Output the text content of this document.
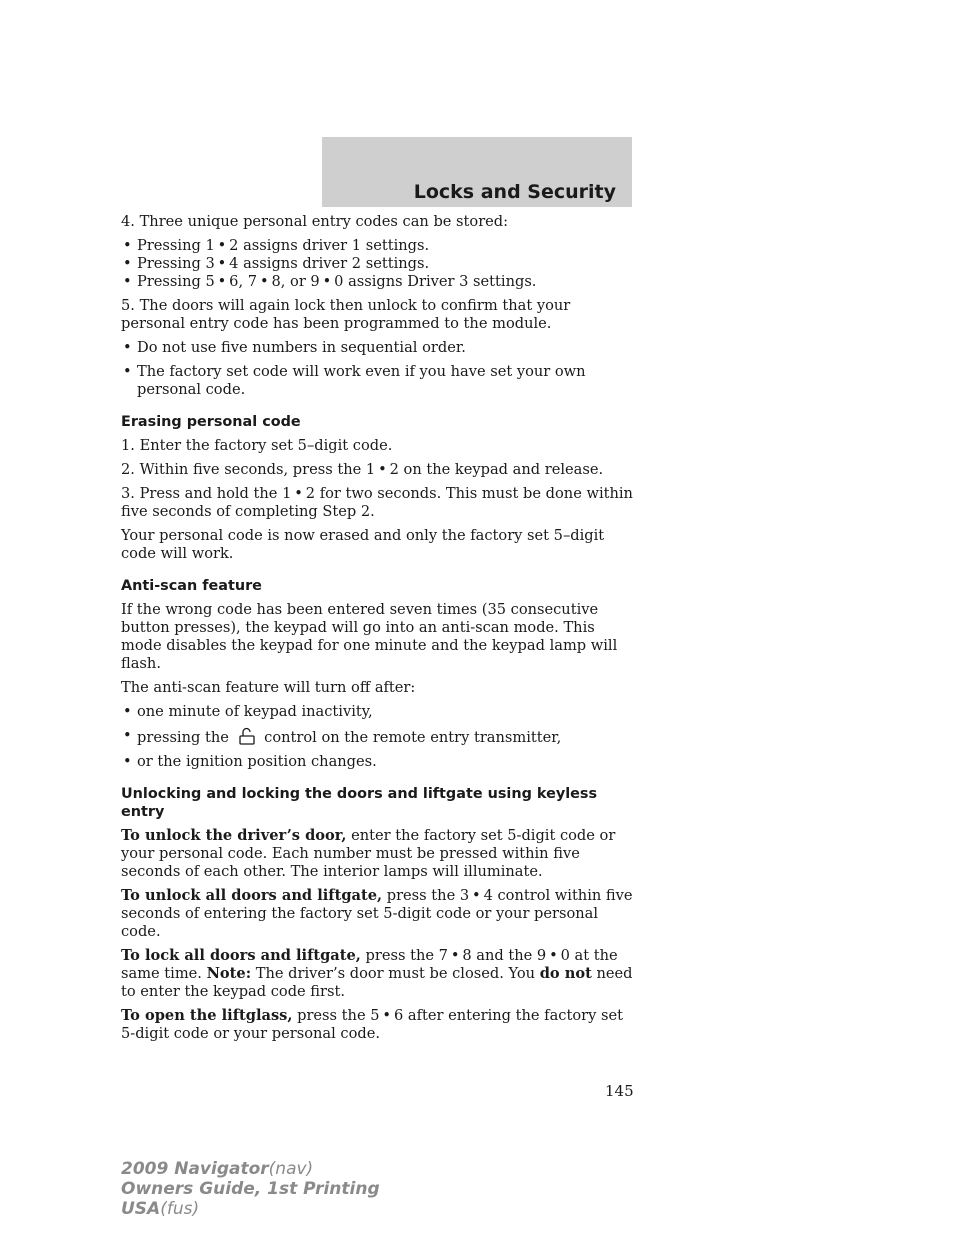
Locks and Security

4. Three unique personal entry codes can be stored:

• Pressing 1 • 2 assigns driver 1 settings.
• Pressing 3 • 4 assigns driver 2 settings.
• Pressing 5 • 6, 7 • 8, or 9 • 0 assigns Driver 3 settings.

5. The doors will again lock then unlock to confirm that your personal entry code has been programmed to the module.

• Do not use five numbers in sequential order.
• The factory set code will work even if you have set your own personal code.
Erasing personal code

1. Enter the factory set 5–digit code.

2. Within five seconds, press the 1 • 2 on the keypad and release.

3. Press and hold the 1 • 2 for two seconds. This must be done within five seconds of completing Step 2.

Your personal code is now erased and only the factory set 5–digit code will work.

Anti-scan feature

If the wrong code has been entered seven times (35 consecutive button presses), the keypad will go into an anti-scan mode. This mode disables the keypad for one minute and the keypad lamp will flash.

The anti-scan feature will turn off after:

• one minute of keypad inactivity,
• pressing the control on the remote entry transmitter,
• or the ignition position changes.
Unlocking and locking the doors and liftgate using keyless entry

To unlock the driver’s door, enter the factory set 5-digit code or your personal code. Each number must be pressed within five seconds of each other. The interior lamps will illuminate.

To unlock all doors and liftgate, press the 3 • 4 control within five seconds of entering the factory set 5-digit code or your personal code.

To lock all doors and liftgate, press the 7 • 8 and the 9 • 0 at the same time. Note: The driver’s door must be closed. You do not need to enter the keypad code first.

To open the liftglass, press the 5 • 6 after entering the factory set 5-digit code or your personal code.

145
2009 Navigator(nav)
Owners Guide, 1st Printing
USA(fus)
